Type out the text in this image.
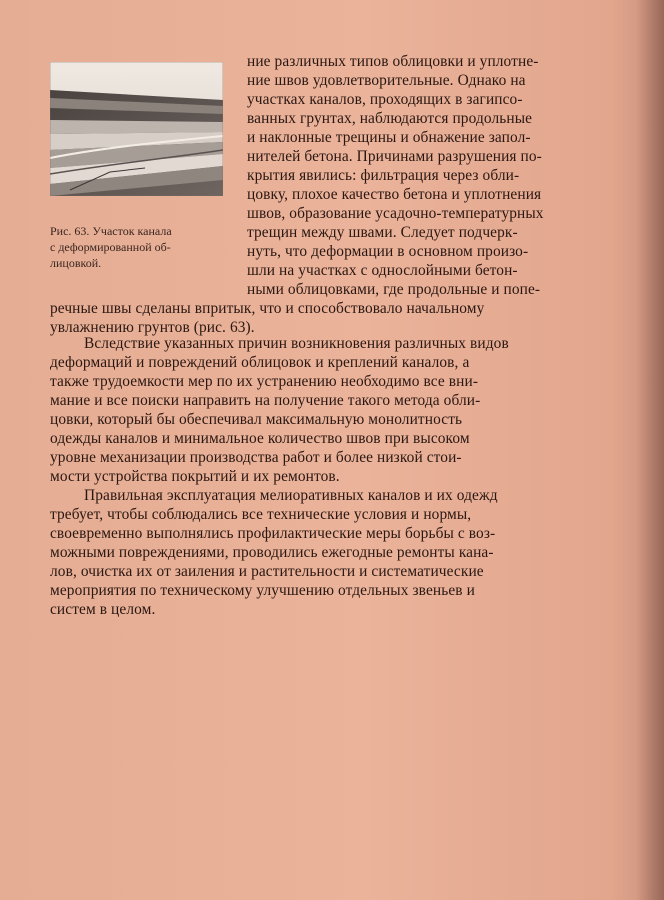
Рис. 63. Участок канала
с деформированной об-
лицовкой.
ние различных типов облицовки и уплотне-
ние швов удовлетворительные. Однако на
участках каналов, проходящих в загипсо-
ванных грунтах, наблюдаются продольные
и наклонные трещины и обнажение запол-
нителей бетона. Причинами разрушения по-
крытия явились: фильтрация через обли-
цовку, плохое качество бетона и уплотнения
швов, образование усадочно-температурных
трещин между швами. Следует подчерк-
нуть, что деформации в основном произо-
шли на участках с однослойными бетон-
ными облицовками, где продольные и попе-
речные швы сделаны впритык, что и способствовало начальному
увлажнению грунтов (рис. 63).
Вследствие указанных причин возникновения различных видов
деформаций и повреждений облицовок и креплений каналов, а
также трудоемкости мер по их устранению необходимо все вни-
мание и все поиски направить на получение такого метода обли-
цовки, который бы обеспечивал максимальную монолитность
одежды каналов и минимальное количество швов при высоком
уровне механизации производства работ и более низкой стои-
мости устройства покрытий и их ремонтов.
Правильная эксплуатация мелиоративных каналов и их одежд
требует, чтобы соблюдались все технические условия и нормы,
своевременно выполнялись профилактические меры борьбы с воз-
можными повреждениями, проводились ежегодные ремонты кана-
лов, очистка их от заиления и растительности и систематические
мероприятия по техническому улучшению отдельных звеньев и
систем в целом.
